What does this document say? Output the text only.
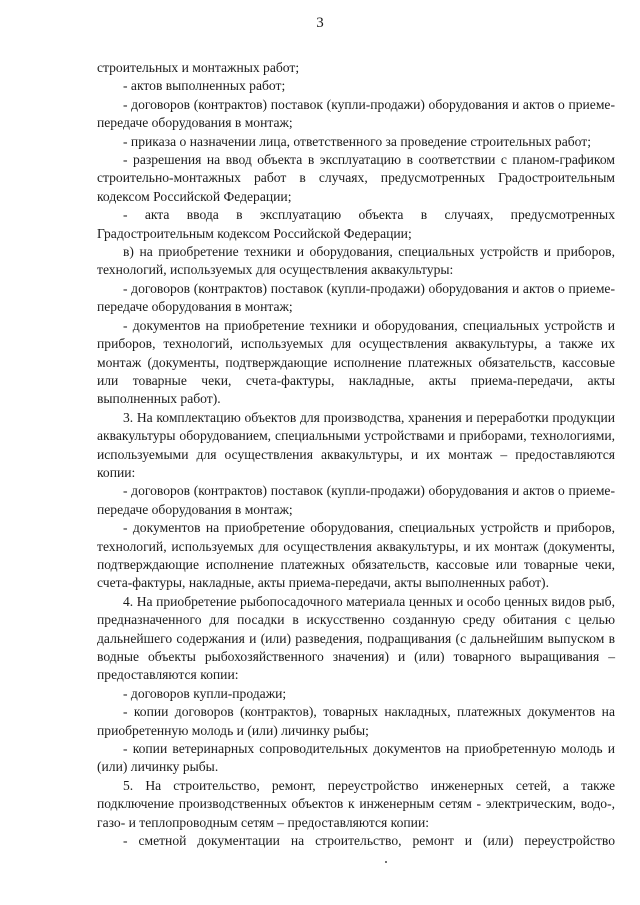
3

строительных и монтажных работ;

- актов выполненных работ;

- договоров (контрактов) поставок (купли-продажи) оборудования и актов о приеме-передаче оборудования в монтаж;

- приказа о назначении лица, ответственного за проведение строительных работ;

- разрешения на ввод объекта в эксплуатацию в соответствии с планом-графиком строительно-монтажных работ в случаях, предусмотренных Градостроительным кодексом Российской Федерации;

- акта ввода в эксплуатацию объекта в случаях, предусмотренных Градостроительным кодексом Российской Федерации;

в) на приобретение техники и оборудования, специальных устройств и приборов, технологий, используемых для осуществления аквакультуры:

- договоров (контрактов) поставок (купли-продажи) оборудования и актов о приеме-передаче оборудования в монтаж;

- документов на приобретение техники и оборудования, специальных устройств и приборов, технологий, используемых для осуществления аквакультуры, а также их монтаж (документы, подтверждающие исполнение платежных обязательств, кассовые или товарные чеки, счета-фактуры, накладные, акты приема-передачи, акты выполненных работ).

3. На комплектацию объектов для производства, хранения и переработки продукции аквакультуры оборудованием, специальными устройствами и приборами, технологиями, используемыми для осуществления аквакультуры, и их монтаж – предоставляются копии:

- договоров (контрактов) поставок (купли-продажи) оборудования и актов о приеме-передаче оборудования в монтаж;

- документов на приобретение оборудования, специальных устройств и приборов, технологий, используемых для осуществления аквакультуры, и их монтаж (документы, подтверждающие исполнение платежных обязательств, кассовые или товарные чеки, счета-фактуры, накладные, акты приема-передачи, акты выполненных работ).

4. На приобретение рыбопосадочного материала ценных и особо ценных видов рыб, предназначенного для посадки в искусственно созданную среду обитания с целью дальнейшего содержания и (или) разведения, подращивания (с дальнейшим выпуском в водные объекты рыбохозяйственного значения) и (или) товарного выращивания – предоставляются копии:

- договоров купли-продажи;

- копии договоров (контрактов), товарных накладных, платежных документов на приобретенную молодь и (или) личинку рыбы;

- копии ветеринарных сопроводительных документов на приобретенную молодь и (или) личинку рыбы.

5. На строительство, ремонт, переустройство инженерных сетей, а также подключение производственных объектов к инженерным сетям - электрическим, водо-, газо- и теплопроводным сетям – предоставляются копии:

- сметной документации на строительство, ремонт и (или) переустройство
